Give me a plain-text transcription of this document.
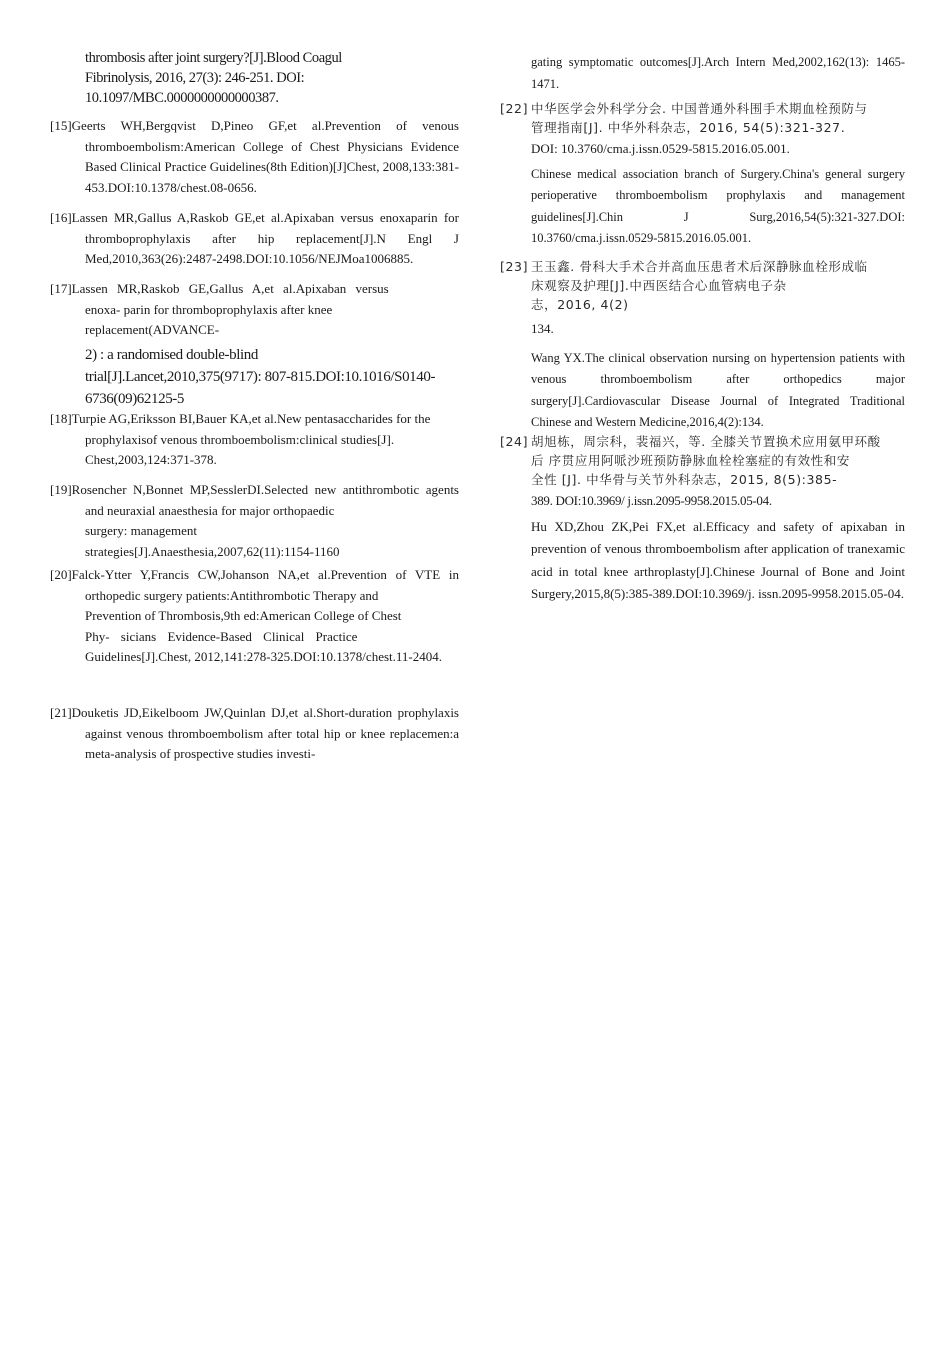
thrombosis after joint surgery?[J].Blood Coagul

Fibrinolysis, 2016, 27(3): 246-251. DOI:

10.1097/MBC.0000000000000387.

[15]Geerts WH,Bergqvist D,Pineo GF,et al.Prevention of venous thromboembolism:American College of Chest Physicians Evidence Based Clinical Practice Guidelines(8th Edition)[J]Chest, 2008,133:381-453.DOI:10.1378/chest.08-0656.

[16]Lassen MR,Gallus A,Raskob GE,et al.Apixaban versus enoxaparin for thromboprophylaxis after hip replacement[J].N Engl J Med,2010,363(26):2487-2498.DOI:10.1056/NEJMoa1006885.

[17]Lassen MR,Raskob GE,Gallus A,et al.Apixaban versus

enoxa- parin for thromboprophylaxis after knee

replacement(ADVANCE-

2) : a randomised double-blind

trial[J].Lancet,2010,375(9717): 807-815.DOI:10.1016/S0140-6736(09)62125-5

[18]Turpie AG,Eriksson BI,Bauer KA,et al.New pentasaccharides for the prophylaxisof venous thromboembolism:clinical studies[J]. Chest,2003,124:371-378.

[19]Rosencher N,Bonnet MP,SesslerDI.Selected new antithrombotic agents and neuraxial anaesthesia for major orthopaedic

surgery: management

strategies[J].Anaesthesia,2007,62(11):1154-1160

[20]Falck-Ytter Y,Francis CW,Johanson NA,et al.Prevention of VTE in orthopedic surgery patients:Antithrombotic Therapy and

Prevention of Thrombosis,9th ed:American College of Chest

Phy- sicians Evidence-Based Clinical Practice

Guidelines[J].Chest, 2012,141:278-325.DOI:10.1378/chest.11-2404.

[21]Douketis JD,Eikelboom JW,Quinlan DJ,et al.Short-duration prophylaxis against venous thromboembolism after total hip or knee replacemen:a meta-analysis of prospective studies investi-

gating symptomatic outcomes[J].Arch Intern Med,2002,162(13): 1465-1471.

[22] 中华医学会外科学分会. 中国普通外科围手术期血栓预防与

管理指南[J]. 中华外科杂志，2016, 54(5):321-327.

DOI: 10.3760/cma.j.issn.0529-5815.2016.05.001.

Chinese medical association branch of Surgery.China's general surgery perioperative thromboembolism prophylaxis and management guidelines[J].Chin J Surg,2016,54(5):321-327.DOI: 10.3760/cma.j.issn.0529-5815.2016.05.001.

[23] 王玉鑫. 骨科大手术合并高血压患者术后深静脉血栓形成临

床观察及护理[J].中西医结合心血管病电子杂

志，2016, 4(2)

134.

Wang YX.The clinical observation nursing on hypertension patients with venous thromboembolism after orthopedics major surgery[J].Cardiovascular Disease Journal of Integrated Traditional Chinese and Western Medicine,2016,4(2):134.

[24] 胡旭栋，周宗科，裴福兴，等. 全膝关节置换术应用氨甲环酸

后 序贯应用阿哌沙班预防静脉血栓栓塞症的有效性和安

全性 [J]. 中华骨与关节外科杂志，2015, 8(5):385-

389. DOI:10.3969/ j.issn.2095-9958.2015.05-04.

Hu XD,Zhou ZK,Pei FX,et al.Efficacy and safety of apixaban in prevention of venous thromboembolism after application of tranexamic acid in total knee arthroplasty[J].Chinese Journal of Bone and Joint Surgery,2015,8(5):385-389.DOI:10.3969/j. issn.2095-9958.2015.05-04.
